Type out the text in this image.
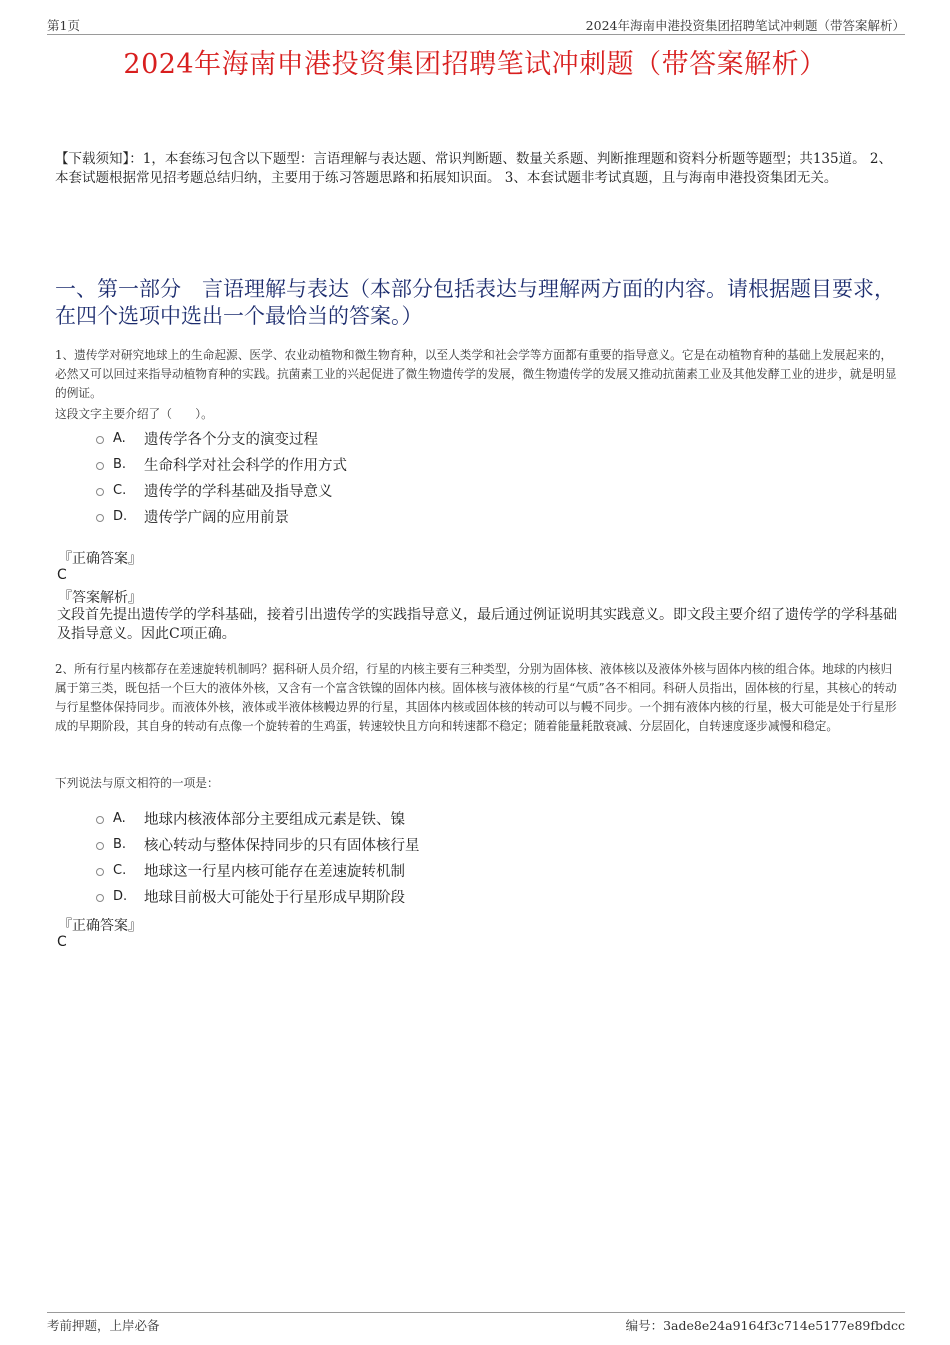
第1页	2024年海南申港投资集团招聘笔试冲刺题（带答案解析）
2024年海南申港投资集团招聘笔试冲刺题（带答案解析）
【下载须知】：1，本套练习包含以下题型：言语理解与表达题、常识判断题、数量关系题、判断推理题和资料分析题等题型；共135道。 2、本套试题根据常见招考题总结归纳，主要用于练习答题思路和拓展知识面。 3、本套试题非考试真题，且与海南申港投资集团无关。
一、第一部分　言语理解与表达（本部分包括表达与理解两方面的内容。请根据题目要求，在四个选项中选出一个最恰当的答案。）
1、遗传学对研究地球上的生命起源、医学、农业动植物和微生物育种，以至人类学和社会学等方面都有重要的指导意义。它是在动植物育种的基础上发展起来的，必然又可以回过来指导动植物育种的实践。抗菌素工业的兴起促进了微生物遗传学的发展，微生物遗传学的发展又推动抗菌素工业及其他发酵工业的进步，就是明显的例证。
这段文字主要介绍了（　　）。
A.	遗传学各个分支的演变过程
B.	生命科学对社会科学的作用方式
C.	遗传学的学科基础及指导意义
D.	遗传学广阔的应用前景
『正确答案』
C
『答案解析』
文段首先提出遗传学的学科基础，接着引出遗传学的实践指导意义，最后通过例证说明其实践意义。即文段主要介绍了遗传学的学科基础及指导意义。因此C项正确。
2、所有行星内核都存在差速旋转机制吗？据科研人员介绍，行星的内核主要有三种类型，分别为固体核、液体核以及液体外核与固体内核的组合体。地球的内核归属于第三类，既包括一个巨大的液体外核，又含有一个富含铁镍的固体内核。固体核与液体核的行星“气质”各不相同。科研人员指出，固体核的行星，其核心的转动与行星整体保持同步。而液体外核，液体或半液体核幔边界的行星，其固体内核或固体核的转动可以与幔不同步。一个拥有液体内核的行星，极大可能是处于行星形成的早期阶段，其自身的转动有点像一个旋转着的生鸡蛋，转速较快且方向和转速都不稳定；随着能量耗散衰减、分层固化，自转速度逐步减慢和稳定。
下列说法与原文相符的一项是：
A.	地球内核液体部分主要组成元素是铁、镍
B.	核心转动与整体保持同步的只有固体核行星
C.	地球这一行星内核可能存在差速旋转机制
D.	地球目前极大可能处于行星形成早期阶段
『正确答案』
C
考前押题，上岸必备	编号：3ade8e24a9164f3c714e5177e89fbdcc
